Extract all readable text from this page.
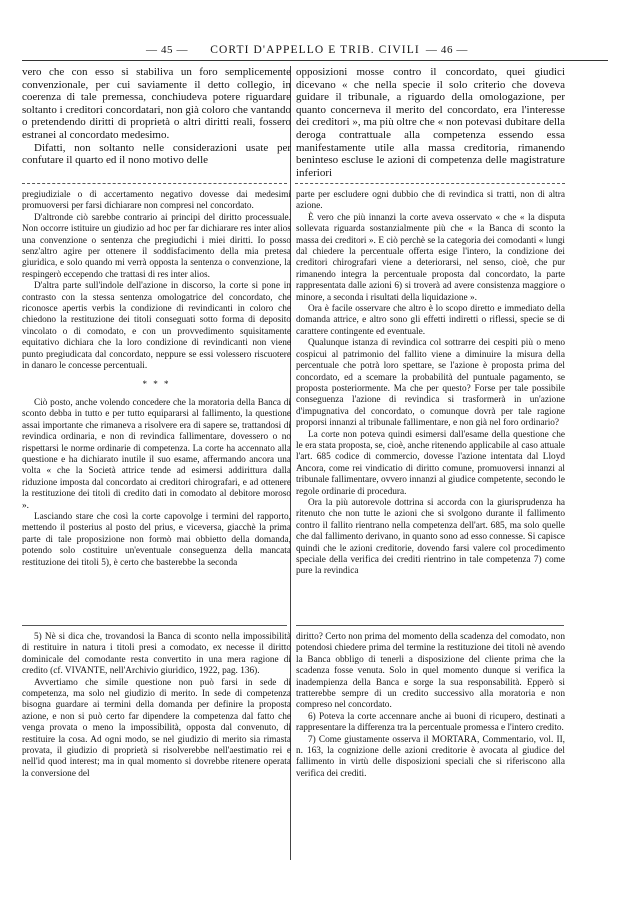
— 45 —	CORTI D'APPELLO E TRIB. CIVILI — 46 —

vero che con esso si stabiliva un foro semplicemente convenzionale, per cui saviamente il detto collegio, in coerenza di tale premessa, conchiudeva potere riguardare soltanto i creditori concordatari, non già coloro che vantando o pretendendo diritti di proprietà o altri diritti reali, fossero estranei al concordato medesimo.

Difatti, non soltanto nelle considerazioni usate per confutare il quarto ed il nono motivo delle

opposizioni mosse contro il concordato, quei giudici dicevano « che nella specie il solo criterio che doveva guidare il tribunale, a riguardo della omologazione, per quanto concerneva il merito del concordato, era l'interesse dei creditori », ma più oltre che « non potevasi dubitare della deroga contrattuale alla competenza essendo essa manifestamente utile alla massa creditoria, rimanendo beninteso escluse le azioni di competenza delle magistrature inferiori

pregiudiziale o di accertamento negativo dovesse dai medesimi promuoversi per farsi dichiarare non compresi nel concordato.

D'altronde ciò sarebbe contrario ai principi del diritto processuale. Non occorre istituire un giudizio ad hoc per far dichiarare res inter alios una convenzione o sentenza che pregiudichi i miei diritti. Io posso senz'altro agire per ottenere il soddisfacimento della mia pretesa giuridica, e solo quando mi verrà opposta la sentenza o convenzione, la respingerò eccependo che trattasi di res inter alios.

D'altra parte sull'indole dell'azione in discorso, la corte si pone in contrasto con la stessa sentenza omologatrice del concordato, che riconosce apertis verbis la condizione di revindicanti in coloro che chiedono la restituzione dei titoli conseguati sotto forma di deposito vincolato o di comodato, e con un provvedimento squisitamente equitativo dichiara che la loro condizione di revindicanti non viene punto pregiudicata dal concordato, neppure se essi volessero riscuotere in danaro le concesse percentuali.

* * *

Ciò posto, anche volendo concedere che la moratoria della Banca di sconto debba in tutto e per tutto equipararsi al fallimento, la questione assai importante che rimaneva a risolvere era di sapere se, trattandosi di revindica ordinaria, e non di revindica fallimentare, dovessero o no rispettarsi le norme ordinarie di competenza. La corte ha accennato alla questione e ha dichiarato inutile il suo esame, affermando ancora una volta « che la Società attrice tende ad esimersi addirittura dalla riduzione imposta dal concordato ai creditori chirografari, e ad ottenere la restituzione dei titoli di credito dati in comodato al debitore moroso ».

Lasciando stare che così la corte capovolge i termini del rapporto, mettendo il posterius al posto del prius, e viceversa, giacchè la prima parte di tale proposizione non formò mai obbietto della domanda, potendo solo costituire un'eventuale conseguenza della mancata restituzione dei titoli 5), è certo che basterebbe la seconda

parte per escludere ogni dubbio che di revindica si tratti, non di altra azione.

È vero che più innanzi la corte aveva osservato « che « la disputa sollevata riguarda sostanzialmente più che « la Banca di sconto la massa dei creditori ». E ciò perchè se la categoria dei comodanti « lungi dal chiedere la percentuale offerta esige l'intero, la condizione dei creditori chirografari viene a deteriorarsi, nel senso, cioè, che pur rimanendo integra la percentuale proposta dal concordato, la parte rappresentata dalle azioni 6) si troverà ad avere consistenza maggiore o minore, a seconda i risultati della liquidazione ».

Ora è facile osservare che altro è lo scopo diretto e immediato della domanda attrice, e altro sono gli effetti indiretti o riflessi, specie se di carattere contingente ed eventuale.

Qualunque istanza di revindica col sottrarre dei cespiti più o meno cospicui al patrimonio del fallito viene a diminuire la misura della percentuale che potrà loro spettare, se l'azione è proposta prima del concordato, ed a scemare la probabilità del puntuale pagamento, se proposta posteriormente. Ma che per questo? Forse per tale possibile conseguenza l'azione di revindica si trasformerà in un'azione d'impugnativa del concordato, o comunque dovrà per tale ragione proporsi innanzi al tribunale fallimentare, e non già nel foro ordinario?

La corte non poteva quindi esimersi dall'esame della questione che le era stata proposta, se, cioè, anche ritenendo applicabile al caso attuale l'art. 685 codice di commercio, dovesse l'azione intentata dal Lloyd Ancora, come rei vindicatio di diritto comune, promuoversi innanzi al tribunale fallimentare, ovvero innanzi al giudice competente, secondo le regole ordinarie di procedura.

Ora la più autorevole dottrina si accorda con la giurisprudenza ha ritenuto che non tutte le azioni che si svolgono durante il fallimento contro il fallito rientrano nella competenza dell'art. 685, ma solo quelle che dal fallimento derivano, in quanto sono ad esso connesse. Si capisce quindi che le azioni creditorie, dovendo farsi valere col procedimento speciale della verifica dei crediti rientrino in tale competenza 7) come pure la revindica

5) Nè si dica che, trovandosi la Banca di sconto nella impossibilità di restituire in natura i titoli presi a comodato, ex necesse il diritto dominicale del comodante resta convertito in una mera ragione di credito (cf. VIVANTE, nell'Archivio giuridico, 1922, pag. 136).

Avvertiamo che simile questione non può farsi in sede di competenza, ma solo nel giudizio di merito. In sede di competenza bisogna guardare ai termini della domanda per definire la proposta azione, e non si può certo far dipendere la competenza dal fatto che venga provata o meno la impossibilità, opposta dal convenuto, di restituire la cosa. Ad ogni modo, se nel giudizio di merito sia rimasta provata, il giudizio di proprietà si risolverebbe nell'aestimatio rei e nell'id quod interest; ma in qual momento si dovrebbe ritenere operata la conversione del

diritto? Certo non prima del momento della scadenza del comodato, non potendosi chiedere prima del termine la restituzione dei titoli nè avendo la Banca obbligo di tenerli a disposizione del cliente prima che la scadenza fosse venuta. Solo in quel momento dunque si verifica la inadempienza della Banca e sorge la sua responsabilità. Epperò si tratterebbe sempre di un credito successivo alla moratoria e non compreso nel concordato.

6) Poteva la corte accennare anche ai buoni di ricupero, destinati a rappresentare la differenza tra la percentuale promessa e l'intero credito.

7) Come giustamente osserva il MORTARA, Commentario, vol. II, n. 163, la cognizione delle azioni creditorie è avocata al giudice del fallimento in virtù delle disposizioni speciali che si riferiscono alla verifica dei crediti.
